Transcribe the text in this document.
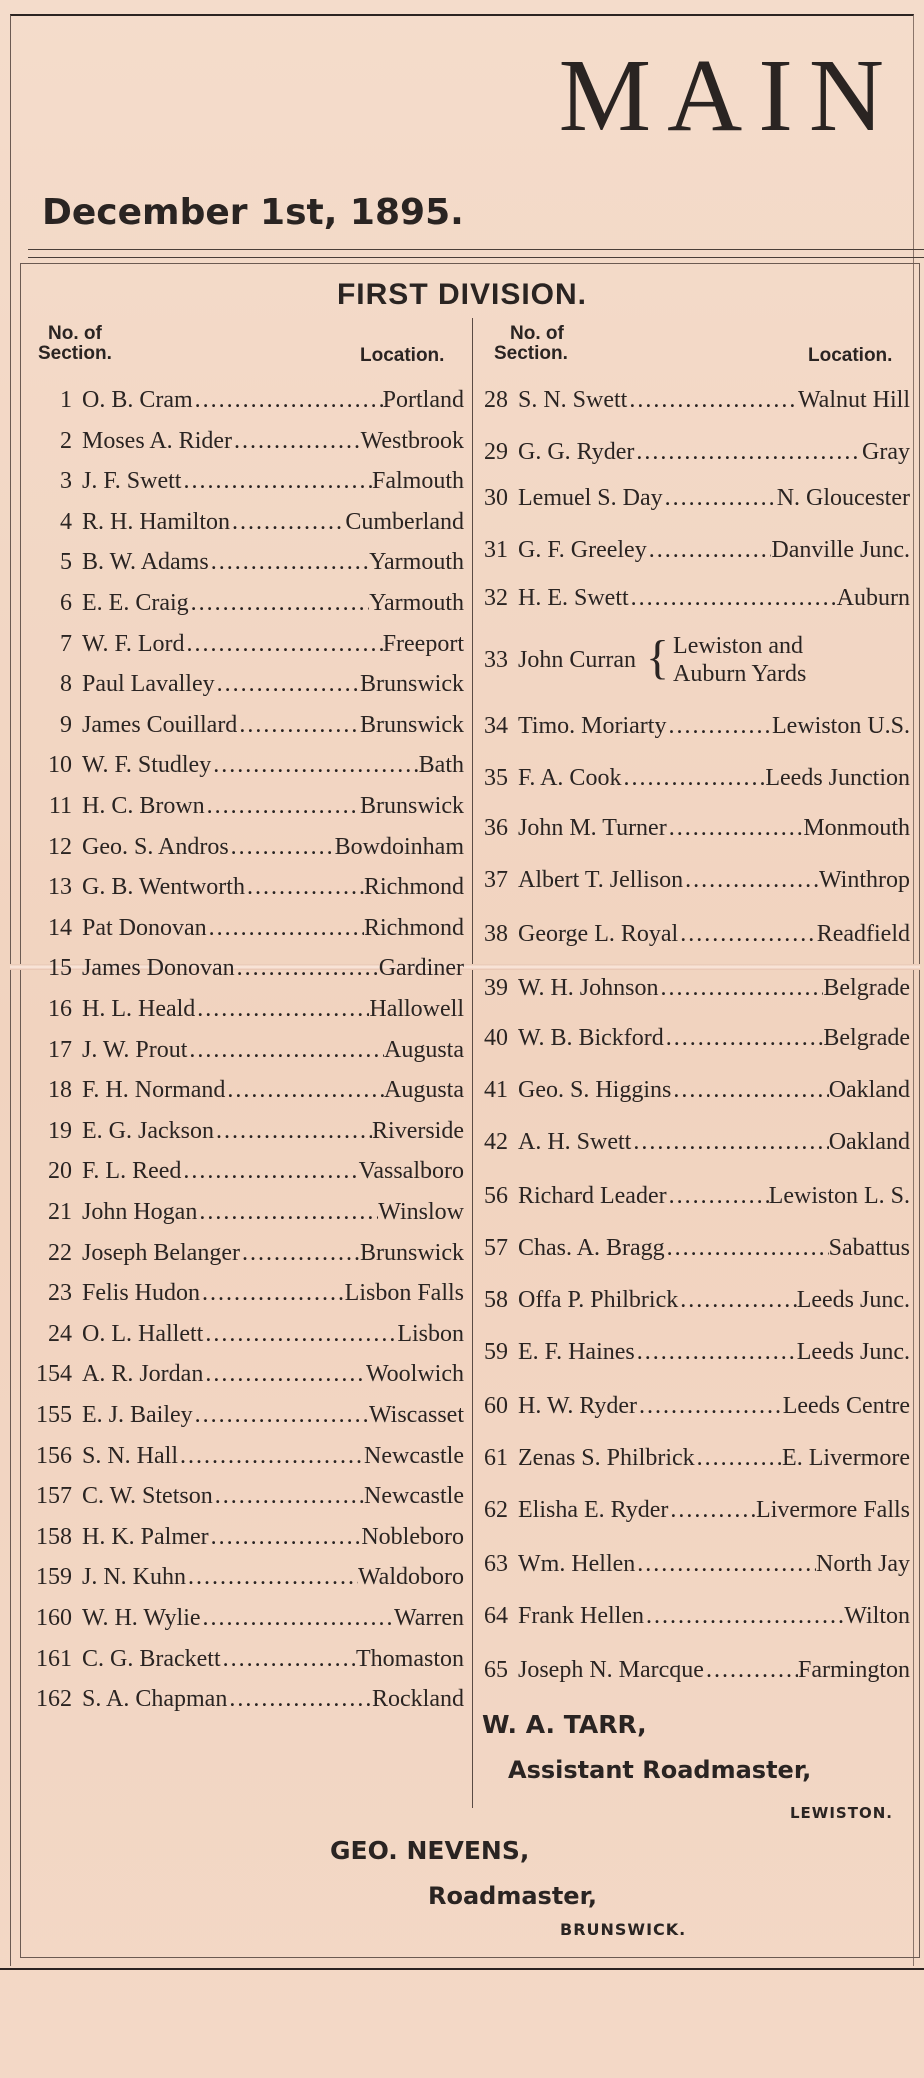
MAIN
December 1st, 1895.
FIRST DIVISION.
No. of
Section.	Location.
No. of
Section.	Location.
1 O. B. Cram . . .	Portland
2 Moses A. Rider . . .	Westbrook
3 J. F. Swett . . .	Falmouth
4 R. H. Hamilton . . .	Cumberland
5 B. W. Adams . . .	Yarmouth
6 E. E. Craig . . .	Yarmouth
7 W. F. Lord . . .	Freeport
8 Paul Lavalley . . .	Brunswick
9 James Couillard . . .	Brunswick
10 W. F. Studley . . .	Bath
11 H. C. Brown . . .	Brunswick
12 Geo. S. Andros . . .	Bowdoinham
13 G. B. Wentworth . . .	Richmond
14 Pat Donovan . . .	Richmond
15 James Donovan . . .	Gardiner
16 H. L. Heald . . .	Hallowell
17 J. W. Prout . . .	Augusta
18 F. H. Normand . . .	Augusta
19 E. G. Jackson . . .	Riverside
20 F. L. Reed . . .	Vassalboro
21 John Hogan . . .	Winslow
22 Joseph Belanger . . .	Brunswick
23 Felis Hudon . . .	Lisbon Falls
24 O. L. Hallett . . .	Lisbon
154 A. R. Jordan . . .	Woolwich
155 E. J. Bailey . . .	Wiscasset
156 S. N. Hall . . .	Newcastle
157 C. W. Stetson . . .	Newcastle
158 H. K. Palmer . . .	Nobleboro
159 J. N. Kuhn . . .	Waldoboro
160 W. H. Wylie . . .	Warren
161 C. G. Brackett . . .	Thomaston
162 S. A. Chapman . . .	Rockland
28 S. N. Swett . . .	Walnut Hill
29 G. G. Ryder . . .	Gray
30 Lemuel S. Day . . .	N. Gloucester
31 G. F. Greeley . . .	Danville Junc.
32 H. E. Swett . . .	Auburn
33 John Curran { Lewiston and
Auburn Yards
34 Timo. Moriarty . . .	Lewiston U.S.
35 F. A. Cook . . .	Leeds Junction
36 John M. Turner . . .	Monmouth
37 Albert T. Jellison . . .	Winthrop
38 George L. Royal . . .	Readfield
39 W. H. Johnson . . .	Belgrade
40 W. B. Bickford . . .	Belgrade
41 Geo. S. Higgins . . .	Oakland
42 A. H. Swett . . .	Oakland
56 Richard Leader . . .	Lewiston L. S.
57 Chas. A. Bragg . . .	Sabattus
58 Offa P. Philbrick . . .	Leeds Junc.
59 E. F. Haines . . .	Leeds Junc.
60 H. W. Ryder . . .	Leeds Centre
61 Zenas S. Philbrick . . .	E. Livermore
62 Elisha E. Ryder . . .	Livermore Falls
63 Wm. Hellen . . .	North Jay
64 Frank Hellen . . .	Wilton
65 Joseph N. Marcque . . .	Farmington
W. A. TARR,
Assistant Roadmaster,
LEWISTON.
GEO. NEVENS,
Roadmaster,
BRUNSWICK.
